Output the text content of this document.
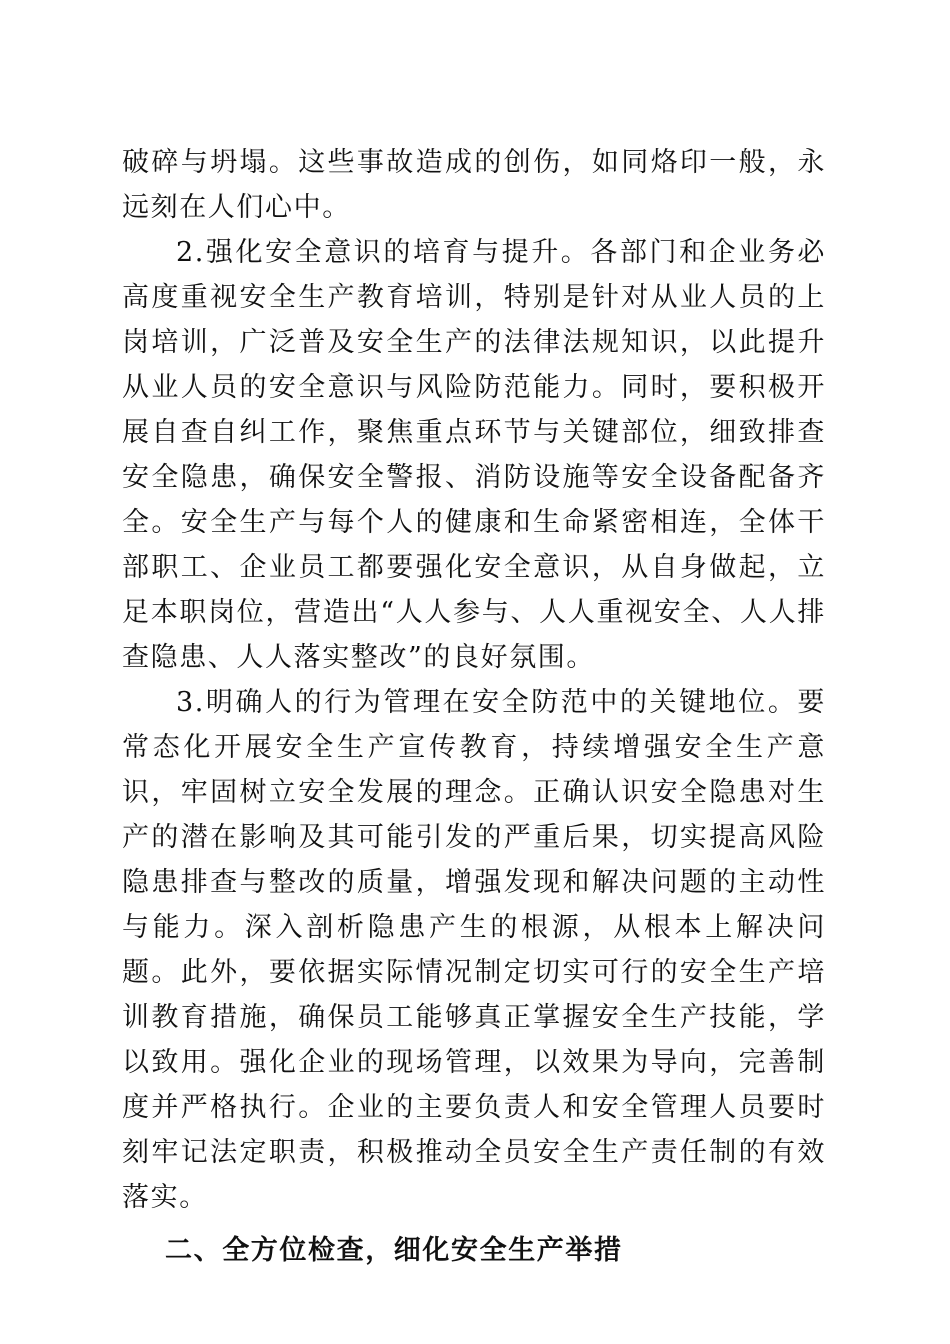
破碎与坍塌。这些事故造成的创伤，如同烙印一般，永远刻在人们心中。

2.强化安全意识的培育与提升。各部门和企业务必高度重视安全生产教育培训，特别是针对从业人员的上岗培训，广泛普及安全生产的法律法规知识，以此提升从业人员的安全意识与风险防范能力。同时，要积极开展自查自纠工作，聚焦重点环节与关键部位，细致排查安全隐患，确保安全警报、消防设施等安全设备配备齐全。安全生产与每个人的健康和生命紧密相连，全体干部职工、企业员工都要强化安全意识，从自身做起，立足本职岗位，营造出“人人参与、人人重视安全、人人排查隐患、人人落实整改”的良好氛围。

3.明确人的行为管理在安全防范中的关键地位。要常态化开展安全生产宣传教育，持续增强安全生产意识，牢固树立安全发展的理念。正确认识安全隐患对生产的潜在影响及其可能引发的严重后果，切实提高风险隐患排查与整改的质量，增强发现和解决问题的主动性与能力。深入剖析隐患产生的根源，从根本上解决问题。此外，要依据实际情况制定切实可行的安全生产培训教育措施，确保员工能够真正掌握安全生产技能，学以致用。强化企业的现场管理，以效果为导向，完善制度并严格执行。企业的主要负责人和安全管理人员要时刻牢记法定职责，积极推动全员安全生产责任制的有效落实。

二、全方位检查，细化安全生产举措
